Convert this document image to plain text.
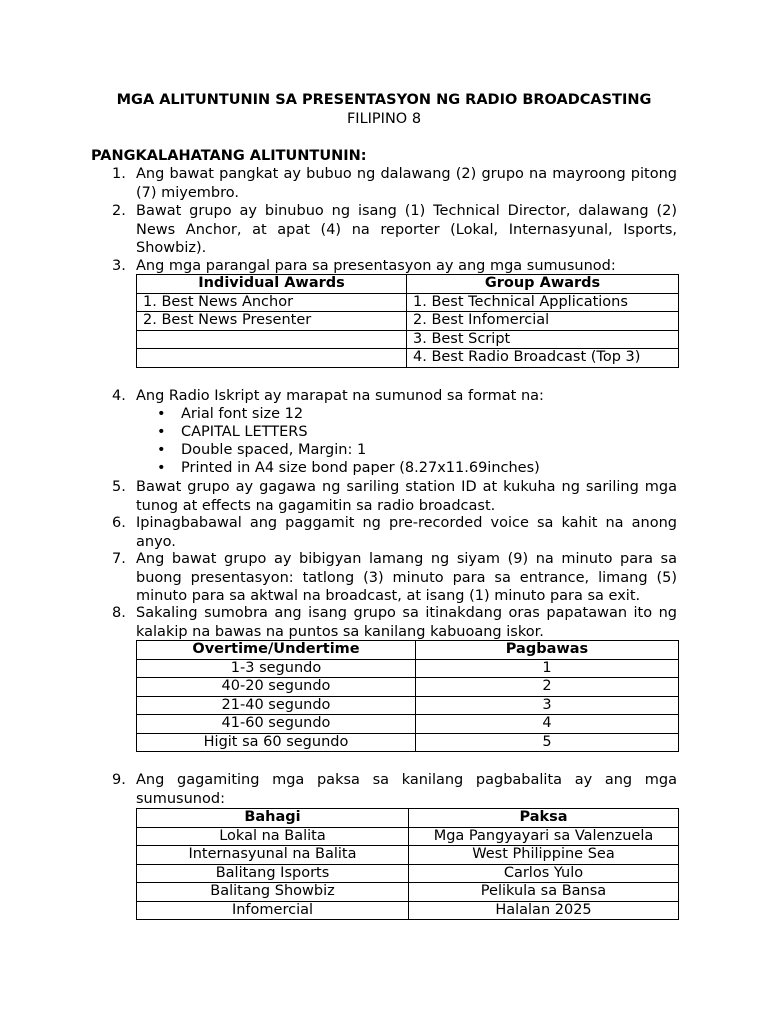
MGA ALITUNTUNIN SA PRESENTASYON NG RADIO BROADCASTING
FILIPINO 8
PANGKALAHATANG ALITUNTUNIN:
1. Ang bawat pangkat ay bubuo ng dalawang (2) grupo na mayroong pitong (7) miyembro.
2. Bawat grupo ay binubuo ng isang (1) Technical Director, dalawang (2) News Anchor, at apat (4) na reporter (Lokal, Internasyunal, Isports, Showbiz).
3. Ang mga parangal para sa presentasyon ay ang mga sumusunod:
Individual Awards	Group Awards
1. Best News Anchor	1. Best Technical Applications
2. Best News Presenter	2. Best Infomercial
	3. Best Script
	4. Best Radio Broadcast (Top 3)
4. Ang Radio Iskript ay marapat na sumunod sa format na:
• Arial font size 12
• CAPITAL LETTERS
• Double spaced, Margin: 1
• Printed in A4 size bond paper (8.27x11.69inches)
5. Bawat grupo ay gagawa ng sariling station ID at kukuha ng sariling mga tunog at effects na gagamitin sa radio broadcast.
6. Ipinagbabawal ang paggamit ng pre-recorded voice sa kahit na anong anyo.
7. Ang bawat grupo ay bibigyan lamang ng siyam (9) na minuto para sa buong presentasyon: tatlong (3) minuto para sa entrance, limang (5) minuto para sa aktwal na broadcast, at isang (1) minuto para sa exit.
8. Sakaling sumobra ang isang grupo sa itinakdang oras papatawan ito ng kalakip na bawas na puntos sa kanilang kabuoang iskor.
Overtime/Undertime	Pagbawas
1-3 segundo	1
40-20 segundo	2
21-40 segundo	3
41-60 segundo	4
Higit sa 60 segundo	5
9. Ang gagamiting mga paksa sa kanilang pagbabalita ay ang mga sumusunod:
Bahagi	Paksa
Lokal na Balita	Mga Pangyayari sa Valenzuela
Internasyunal na Balita	West Philippine Sea
Balitang Isports	Carlos Yulo
Balitang Showbiz	Pelikula sa Bansa
Infomercial	Halalan 2025
